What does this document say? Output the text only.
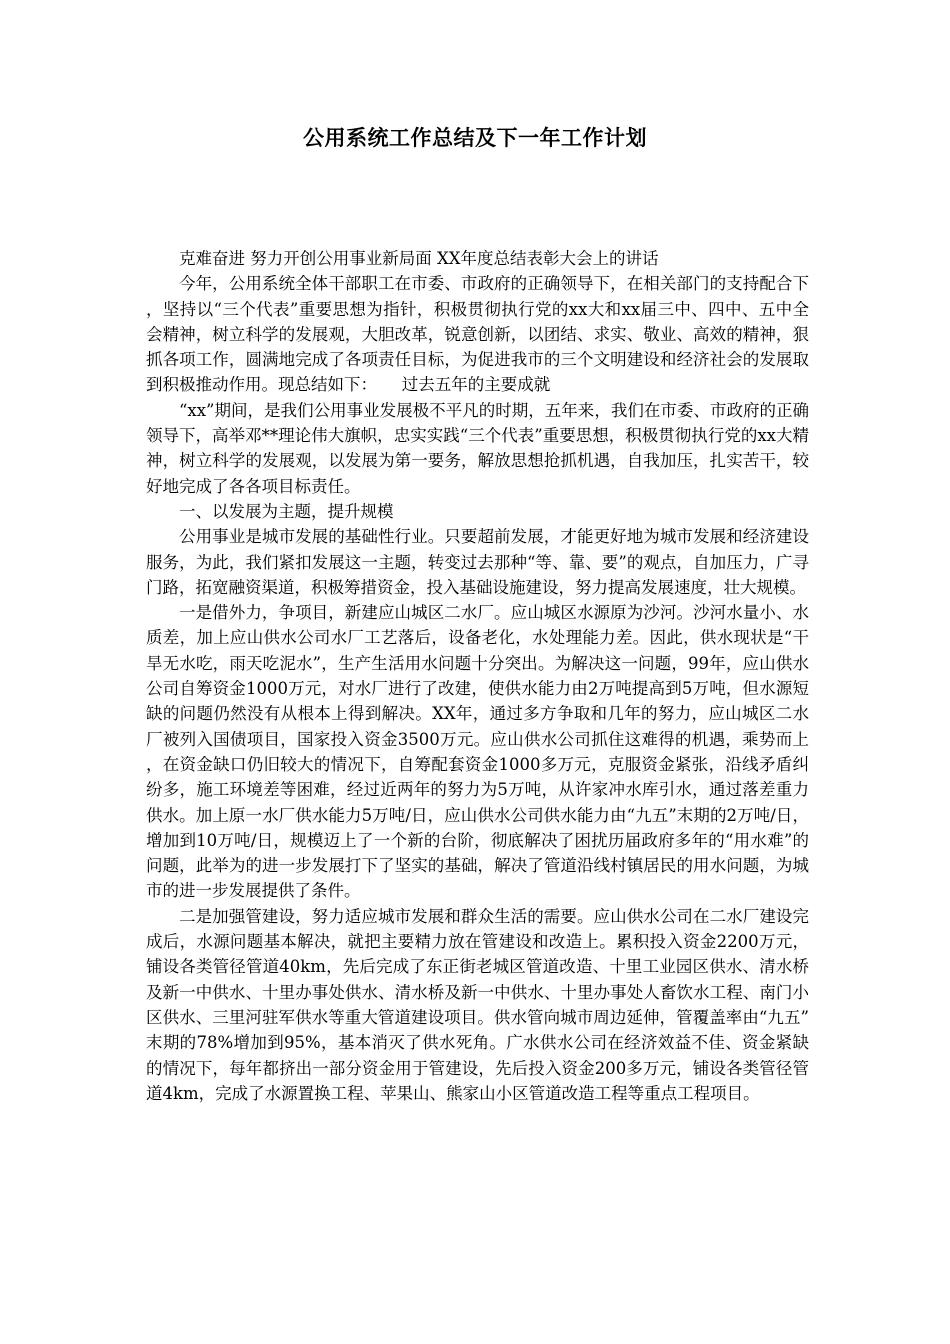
公用系统工作总结及下一年工作计划

克难奋进 努力开创公用事业新局面 XX年度总结表彰大会上的讲话

今年，公用系统全体干部职工在市委、市政府的正确领导下，在相关部门的支持配合下，坚持以“三个代表”重要思想为指针，积极贯彻执行党的xx大和xx届三中、四中、五中全会精神，树立科学的发展观，大胆改革，锐意创新，以团结、求实、敬业、高效的精神，狠抓各项工作，圆满地完成了各项责任目标，为促进我市的三个文明建设和经济社会的发展取到积极推动作用。现总结如下：　　过去五年的主要成就

“xx”期间，是我们公用事业发展极不平凡的时期，五年来，我们在市委、市政府的正确领导下，高举邓**理论伟大旗帜，忠实实践“三个代表”重要思想，积极贯彻执行党的xx大精神，树立科学的发展观，以发展为第一要务，解放思想抢抓机遇，自我加压，扎实苦干，较好地完成了各各项目标责任。

一、以发展为主题，提升规模

公用事业是城市发展的基础性行业。只要超前发展，才能更好地为城市发展和经济建设服务，为此，我们紧扣发展这一主题，转变过去那种“等、靠、要”的观点，自加压力，广寻门路，拓宽融资渠道，积极筹措资金，投入基础设施建设，努力提高发展速度，壮大规模。

一是借外力，争项目，新建应山城区二水厂。应山城区水源原为沙河。沙河水量小、水质差，加上应山供水公司水厂工艺落后，设备老化，水处理能力差。因此，供水现状是“干旱无水吃，雨天吃泥水”，生产生活用水问题十分突出。为解决这一问题，99年，应山供水公司自筹资金1000万元，对水厂进行了改建，使供水能力由2万吨提高到5万吨，但水源短缺的问题仍然没有从根本上得到解决。XX年，通过多方争取和几年的努力，应山城区二水厂被列入国债项目，国家投入资金3500万元。应山供水公司抓住这难得的机遇，乘势而上，在资金缺口仍旧较大的情况下，自筹配套资金1000多万元，克服资金紧张，沿线矛盾纠纷多，施工环境差等困难，经过近两年的努力为5万吨，从许家冲水库引水，通过落差重力供水。加上原一水厂供水能力5万吨/日，应山供水公司供水能力由“九五”末期的2万吨/日，增加到10万吨/日，规模迈上了一个新的台阶，彻底解决了困扰历届政府多年的“用水难”的问题，此举为的进一步发展打下了坚实的基础，解决了管道沿线村镇居民的用水问题，为城市的进一步发展提供了条件。

二是加强管建设，努力适应城市发展和群众生活的需要。应山供水公司在二水厂建设完成后，水源问题基本解决，就把主要精力放在管建设和改造上。累积投入资金2200万元，铺设各类管径管道40km，先后完成了东正街老城区管道改造、十里工业园区供水、清水桥及新一中供水、十里办事处供水、清水桥及新一中供水、十里办事处人畜饮水工程、南门小区供水、三里河驻军供水等重大管道建设项目。供水管向城市周边延伸，管覆盖率由“九五”末期的78%增加到95%，基本消灭了供水死角。广水供水公司在经济效益不佳、资金紧缺的情况下，每年都挤出一部分资金用于管建设，先后投入资金200多万元，铺设各类管径管道4km，完成了水源置换工程、苹果山、熊家山小区管道改造工程等重点工程项目。
